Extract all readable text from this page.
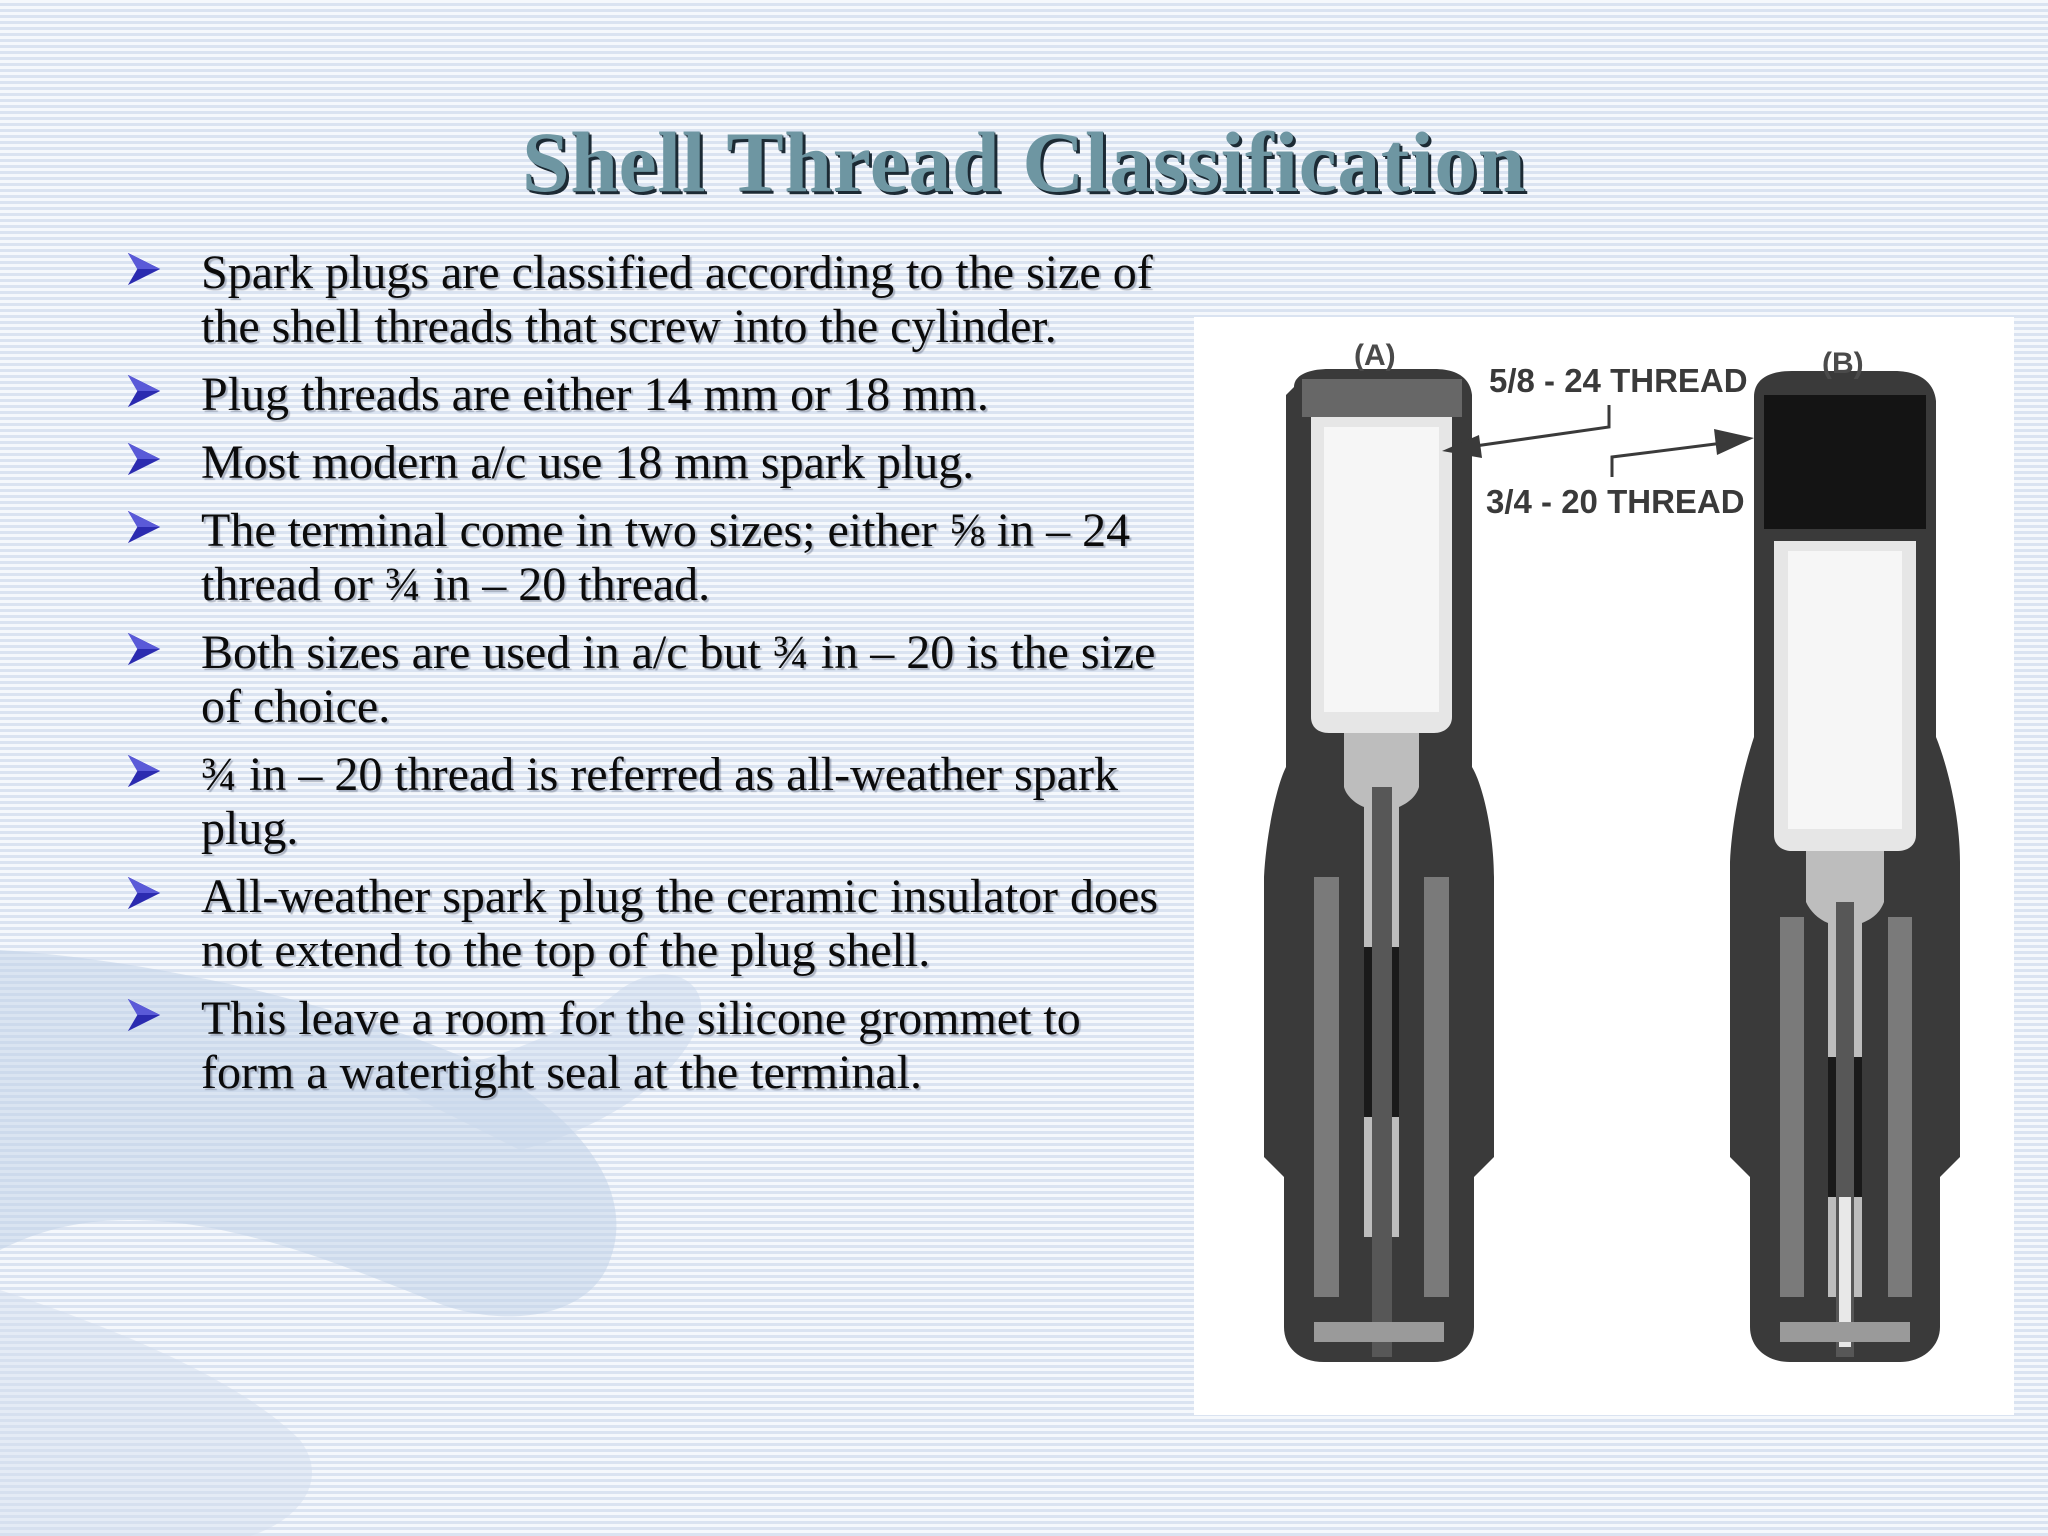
Shell Thread Classification
Spark plugs are classified according to the size of the shell threads that screw into the cylinder.
Plug threads are either 14 mm or 18 mm.
Most modern a/c use 18 mm spark plug.
The terminal come in two sizes; either ⅝ in – 24 thread or ¾ in – 20 thread.
Both sizes are used in a/c but ¾ in – 20 is the size of choice.
¾ in – 20 thread is referred as all-weather spark plug.
All-weather spark plug the ceramic insulator does not extend to the top of the plug shell.
This leave a room for the silicone grommet to form a watertight seal at the terminal.
(A)	(B)
5/8 - 24 THREAD
3/4 - 20 THREAD
